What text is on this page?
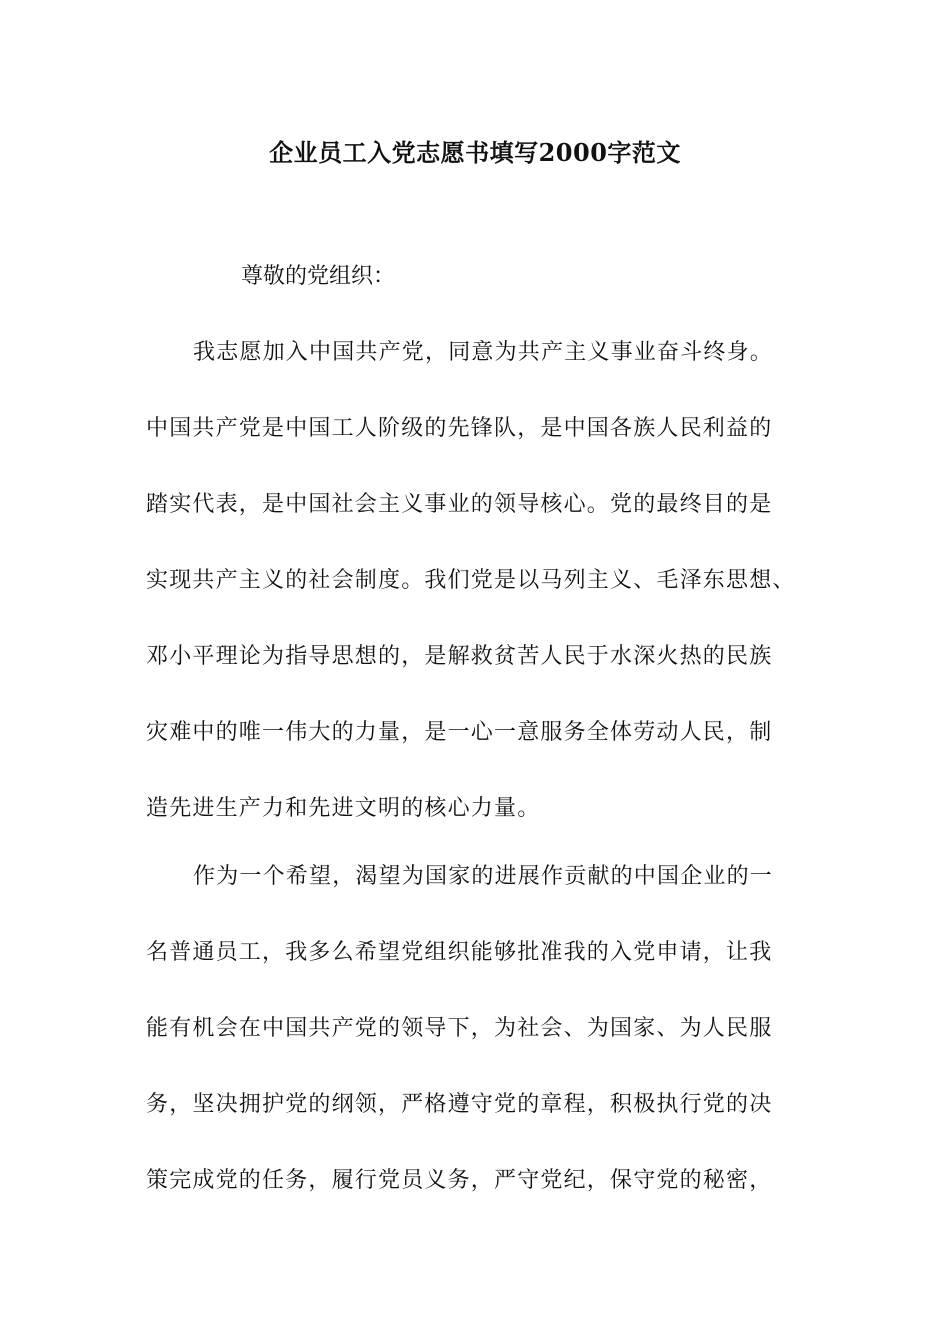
企业员工入党志愿书填写2000字范文

尊敬的党组织：

我志愿加入中国共产党，同意为共产主义事业奋斗终身。

中国共产党是中国工人阶级的先锋队，是中国各族人民利益的

踏实代表，是中国社会主义事业的领导核心。党的最终目的是

实现共产主义的社会制度。我们党是以马列主义、毛泽东思想、

邓小平理论为指导思想的，是解救贫苦人民于水深火热的民族

灾难中的唯一伟大的力量，是一心一意服务全体劳动人民，制

造先进生产力和先进文明的核心力量。

作为一个希望，渴望为国家的进展作贡献的中国企业的一

名普通员工，我多么希望党组织能够批准我的入党申请，让我

能有机会在中国共产党的领导下，为社会、为国家、为人民服

务，坚决拥护党的纲领，严格遵守党的章程，积极执行党的决

策完成党的任务，履行党员义务，严守党纪，保守党的秘密，
